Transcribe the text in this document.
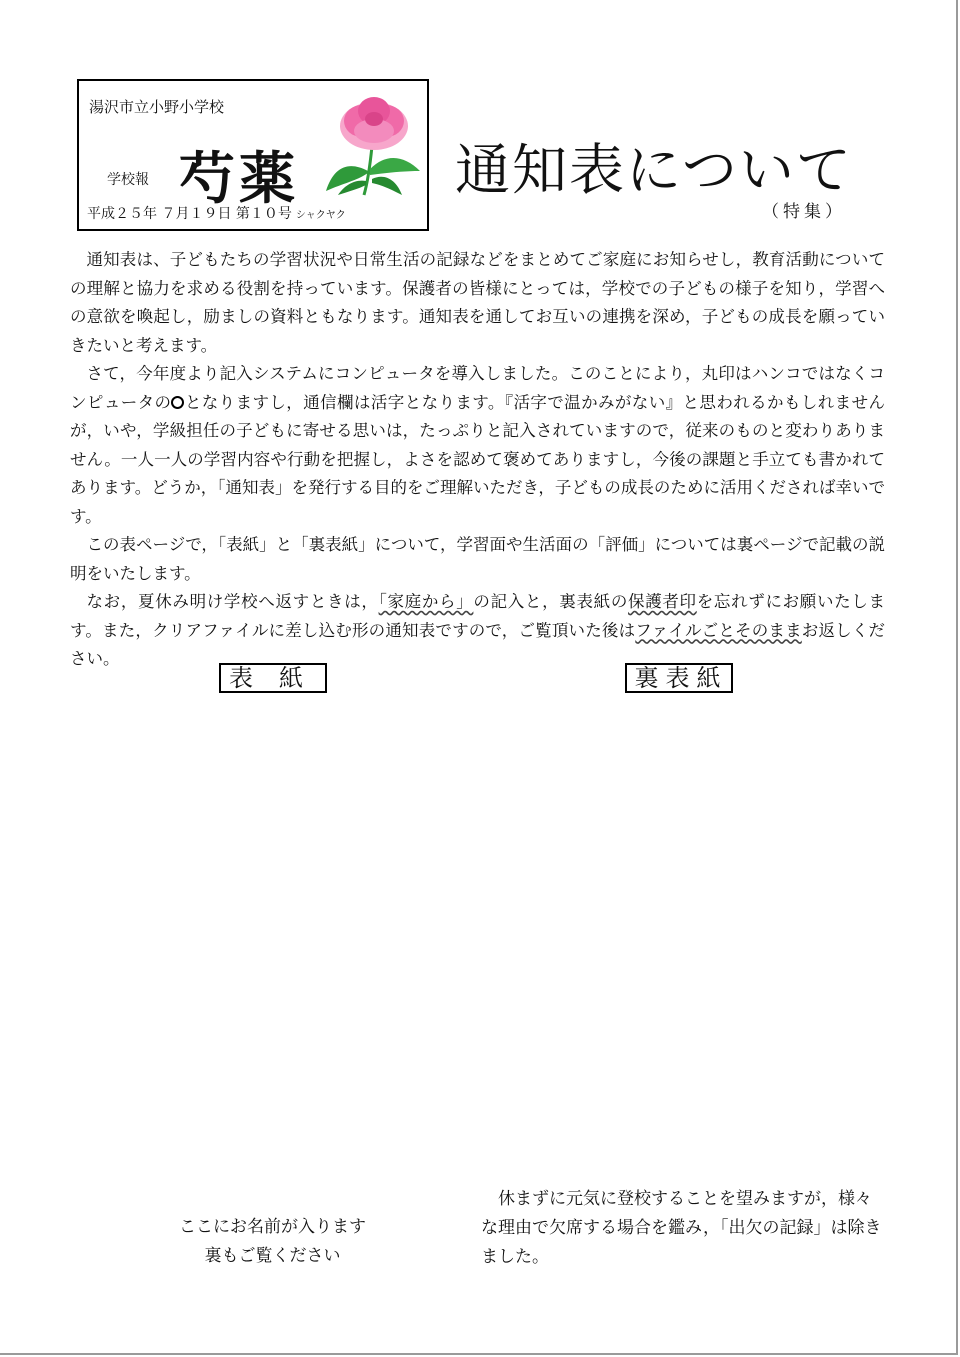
湯沢市立小野小学校
学校報 芍薬
平成２５年 ７月１９日 第１０号 シャクヤク
通知表について
（特集）

通知表は、子どもたちの学習状況や日常生活の記録などをまとめてご家庭にお知らせし，教育活動についての理解と協力を求める役割を持っています。保護者の皆様にとっては，学校での子どもの様子を知り，学習への意欲を喚起し，励ましの資料ともなります。通知表を通してお互いの連携を深め，子どもの成長を願っていきたいと考えます。

さて，今年度より記入システムにコンピュータを導入しました。このことにより，丸印はハンコではなくコンピュータの○となりますし，通信欄は活字となります。『活字で温かみがない』と思われるかもしれませんが，いや，学級担任の子どもに寄せる思いは，たっぷりと記入されていますので，従来のものと変わりありません。一人一人の学習内容や行動を把握し，よさを認めて褒めてありますし，今後の課題と手立ても書かれてあります。どうか，「通知表」を発行する目的をご理解いただき，子どもの成長のために活用くだされば幸いです。

この表ページで，「表紙」と「裏表紙」について，学習面や生活面の「評価」については裏ページで記載の説明をいたします。

なお，夏休み明け学校へ返すときは，「家庭から」の記入と，裏表紙の保護者印を忘れずにお願いたします。また，クリアファイルに差し込む形の通知表ですので，ご覧頂いた後はファイルごとそのままお返しください。

表紙	裏表紙
ここにお名前が入ります
裏もご覧ください

休まずに元気に登校することを望みますが，様々な理由で欠席する場合を鑑み，「出欠の記録」は除きました。
